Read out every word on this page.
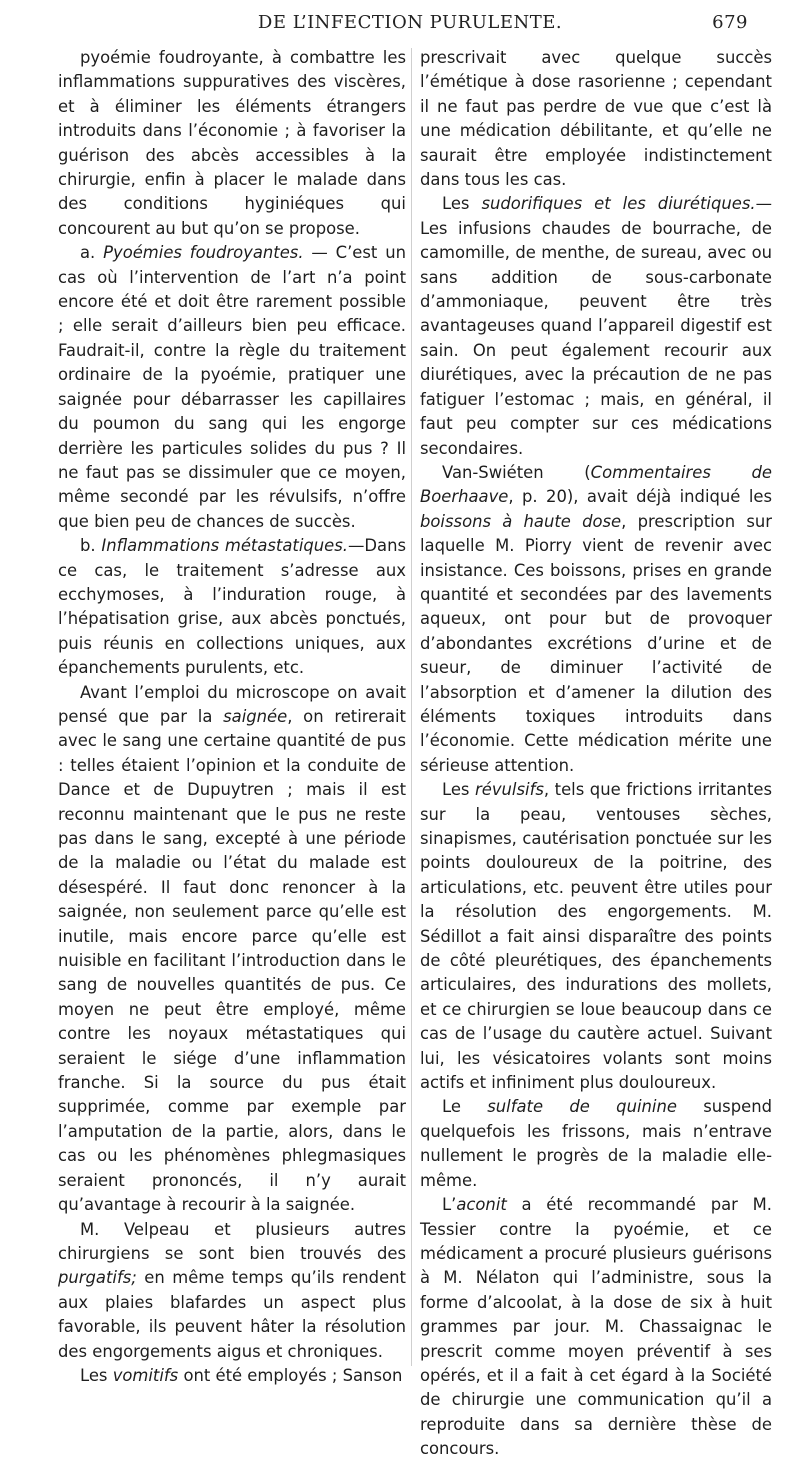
DE L’INFECTION PURULENTE.	679

pyoémie foudroyante, à combattre les inflammations suppuratives des viscères, et à éliminer les éléments étrangers introduits dans l’économie ; à favoriser la guérison des abcès accessibles à la chirurgie, enfin à placer le malade dans des conditions hyginiéques qui concourent au but qu’on se propose.

a. Pyoémies foudroyantes. — C’est un cas où l’intervention de l’art n’a point encore été et doit être rarement possible ; elle serait d’ailleurs bien peu efficace. Faudrait-il, contre la règle du traitement ordinaire de la pyoémie, pratiquer une saignée pour débarrasser les capillaires du poumon du sang qui les engorge derrière les particules solides du pus ? Il ne faut pas se dissimuler que ce moyen, même secondé par les révulsifs, n’offre que bien peu de chances de succès.

b. Inflammations métastatiques.—Dans ce cas, le traitement s’adresse aux ecchymoses, à l’induration rouge, à l’hépatisation grise, aux abcès ponctués, puis réunis en collections uniques, aux épanchements purulents, etc.

Avant l’emploi du microscope on avait pensé que par la saignée, on retirerait avec le sang une certaine quantité de pus : telles étaient l’opinion et la conduite de Dance et de Dupuytren ; mais il est reconnu maintenant que le pus ne reste pas dans le sang, excepté à une période de la maladie ou l’état du malade est désespéré. Il faut donc renoncer à la saignée, non seulement parce qu’elle est inutile, mais encore parce qu’elle est nuisible en facilitant l’introduction dans le sang de nouvelles quantités de pus. Ce moyen ne peut être employé, même contre les noyaux métastatiques qui seraient le siége d’une inflammation franche. Si la source du pus était supprimée, comme par exemple par l’amputation de la partie, alors, dans le cas ou les phénomènes phlegmasiques seraient prononcés, il n’y aurait qu’avantage à recourir à la saignée.

M. Velpeau et plusieurs autres chirurgiens se sont bien trouvés des purgatifs; en même temps qu’ils rendent aux plaies blafardes un aspect plus favorable, ils peuvent hâter la résolution des engorgements aigus et chroniques.

Les vomitifs ont été employés ; Sanson

prescrivait avec quelque succès l’émétique à dose rasorienne ; cependant il ne faut pas perdre de vue que c’est là une médication débilitante, et qu’elle ne saurait être employée indistinctement dans tous les cas.

Les sudorifiques et les diurétiques.—Les infusions chaudes de bourrache, de camomille, de menthe, de sureau, avec ou sans addition de sous-carbonate d’ammoniaque, peuvent être très avantageuses quand l’appareil digestif est sain. On peut également recourir aux diurétiques, avec la précaution de ne pas fatiguer l’estomac ; mais, en général, il faut peu compter sur ces médications secondaires.

Van-Swiéten (Commentaires de Boerhaave, p. 20), avait déjà indiqué les boissons à haute dose, prescription sur laquelle M. Piorry vient de revenir avec insistance. Ces boissons, prises en grande quantité et secondées par des lavements aqueux, ont pour but de provoquer d’abondantes excrétions d’urine et de sueur, de diminuer l’activité de l’absorption et d’amener la dilution des éléments toxiques introduits dans l’économie. Cette médication mérite une sérieuse attention.

Les révulsifs, tels que frictions irritantes sur la peau, ventouses sèches, sinapismes, cautérisation ponctuée sur les points douloureux de la poitrine, des articulations, etc. peuvent être utiles pour la résolution des engorgements. M. Sédillot a fait ainsi disparaître des points de côté pleurétiques, des épanchements articulaires, des indurations des mollets, et ce chirurgien se loue beaucoup dans ce cas de l’usage du cautère actuel. Suivant lui, les vésicatoires volants sont moins actifs et infiniment plus douloureux.

Le sulfate de quinine suspend quelquefois les frissons, mais n’entrave nullement le progrès de la maladie elle-même.

L’aconit a été recommandé par M. Tessier contre la pyoémie, et ce médicament a procuré plusieurs guérisons à M. Nélaton qui l’administre, sous la forme d’alcoolat, à la dose de six à huit grammes par jour. M. Chassaignac le prescrit comme moyen préventif à ses opérés, et il a fait à cet égard à la Société de chirurgie une communication qu’il a reproduite dans sa dernière thèse de concours.
